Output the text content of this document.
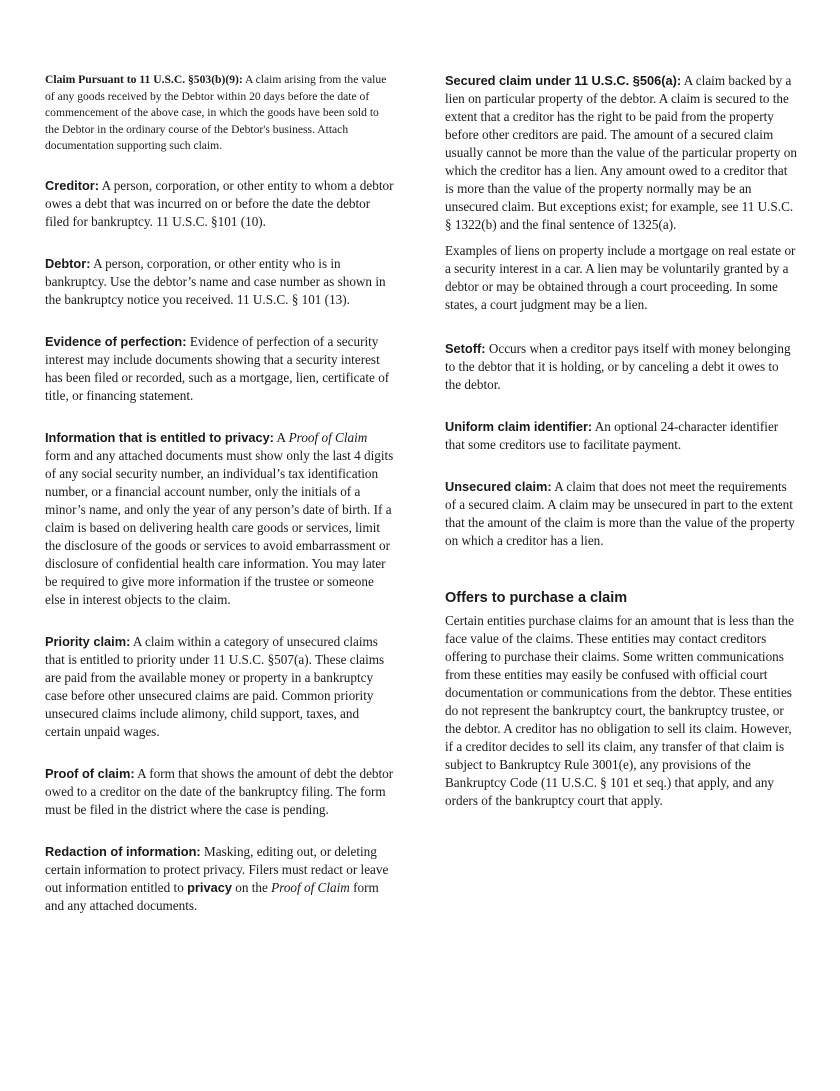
Claim Pursuant to 11 U.S.C. §503(b)(9): A claim arising from the value of any goods received by the Debtor within 20 days before the date of commencement of the above case, in which the goods have been sold to the Debtor in the ordinary course of the Debtor's business. Attach documentation supporting such claim.

Creditor: A person, corporation, or other entity to whom a debtor owes a debt that was incurred on or before the date the debtor filed for bankruptcy. 11 U.S.C. §101 (10).

Debtor: A person, corporation, or other entity who is in bankruptcy. Use the debtor’s name and case number as shown in the bankruptcy notice you received. 11 U.S.C. § 101 (13).

Evidence of perfection: Evidence of perfection of a security interest may include documents showing that a security interest has been filed or recorded, such as a mortgage, lien, certificate of title, or financing statement.

Information that is entitled to privacy: A Proof of Claim form and any attached documents must show only the last 4 digits of any social security number, an individual’s tax identification number, or a financial account number, only the initials of a minor’s name, and only the year of any person’s date of birth. If a claim is based on delivering health care goods or services, limit the disclosure of the goods or services to avoid embarrassment or disclosure of confidential health care information. You may later be required to give more information if the trustee or someone else in interest objects to the claim.

Priority claim: A claim within a category of unsecured claims that is entitled to priority under 11 U.S.C. §507(a). These claims are paid from the available money or property in a bankruptcy case before other unsecured claims are paid. Common priority unsecured claims include alimony, child support, taxes, and certain unpaid wages.

Proof of claim: A form that shows the amount of debt the debtor owed to a creditor on the date of the bankruptcy filing. The form must be filed in the district where the case is pending.

Redaction of information: Masking, editing out, or deleting certain information to protect privacy. Filers must redact or leave out information entitled to privacy on the Proof of Claim form and any attached documents.

Secured claim under 11 U.S.C. §506(a): A claim backed by a lien on particular property of the debtor. A claim is secured to the extent that a creditor has the right to be paid from the property before other creditors are paid. The amount of a secured claim usually cannot be more than the value of the particular property on which the creditor has a lien. Any amount owed to a creditor that is more than the value of the property normally may be an unsecured claim. But exceptions exist; for example, see 11 U.S.C. § 1322(b) and the final sentence of 1325(a).

Examples of liens on property include a mortgage on real estate or a security interest in a car. A lien may be voluntarily granted by a debtor or may be obtained through a court proceeding. In some states, a court judgment may be a lien.

Setoff: Occurs when a creditor pays itself with money belonging to the debtor that it is holding, or by canceling a debt it owes to the debtor.

Uniform claim identifier: An optional 24-character identifier that some creditors use to facilitate payment.

Unsecured claim: A claim that does not meet the requirements of a secured claim. A claim may be unsecured in part to the extent that the amount of the claim is more than the value of the property on which a creditor has a lien.

Offers to purchase a claim

Certain entities purchase claims for an amount that is less than the face value of the claims. These entities may contact creditors offering to purchase their claims. Some written communications from these entities may easily be confused with official court documentation or communications from the debtor. These entities do not represent the bankruptcy court, the bankruptcy trustee, or the debtor. A creditor has no obligation to sell its claim. However, if a creditor decides to sell its claim, any transfer of that claim is subject to Bankruptcy Rule 3001(e), any provisions of the Bankruptcy Code (11 U.S.C. § 101 et seq.) that apply, and any orders of the bankruptcy court that apply.
